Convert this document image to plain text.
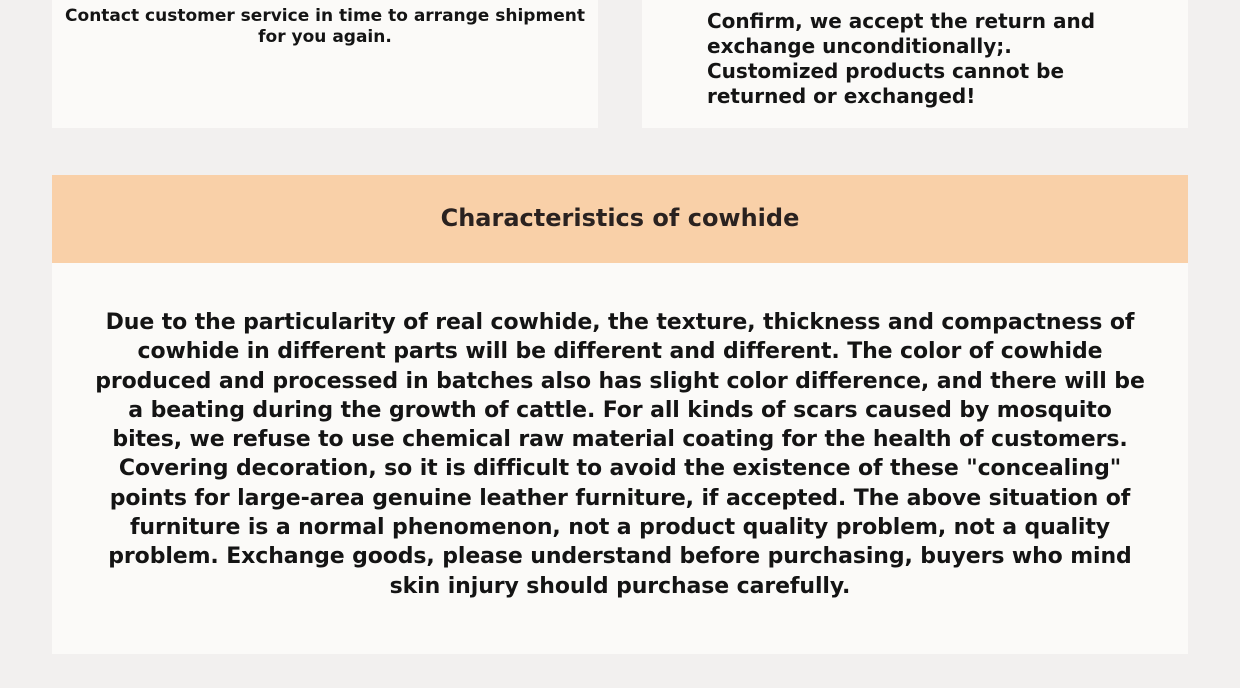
Contact customer service in time to arrange shipment for you again.

Confirm, we accept the return and exchange unconditionally;. Customized products cannot be returned or exchanged!

Characteristics of cowhide

Due to the particularity of real cowhide, the texture, thickness and compactness of cowhide in different parts will be different and different. The color of cowhide produced and processed in batches also has slight color difference, and there will be a beating during the growth of cattle. For all kinds of scars caused by mosquito bites, we refuse to use chemical raw material coating for the health of customers. Covering decoration, so it is difficult to avoid the existence of these "concealing" points for large-area genuine leather furniture, if accepted. The above situation of furniture is a normal phenomenon, not a product quality problem, not a quality problem. Exchange goods, please understand before purchasing, buyers who mind skin injury should purchase carefully.
